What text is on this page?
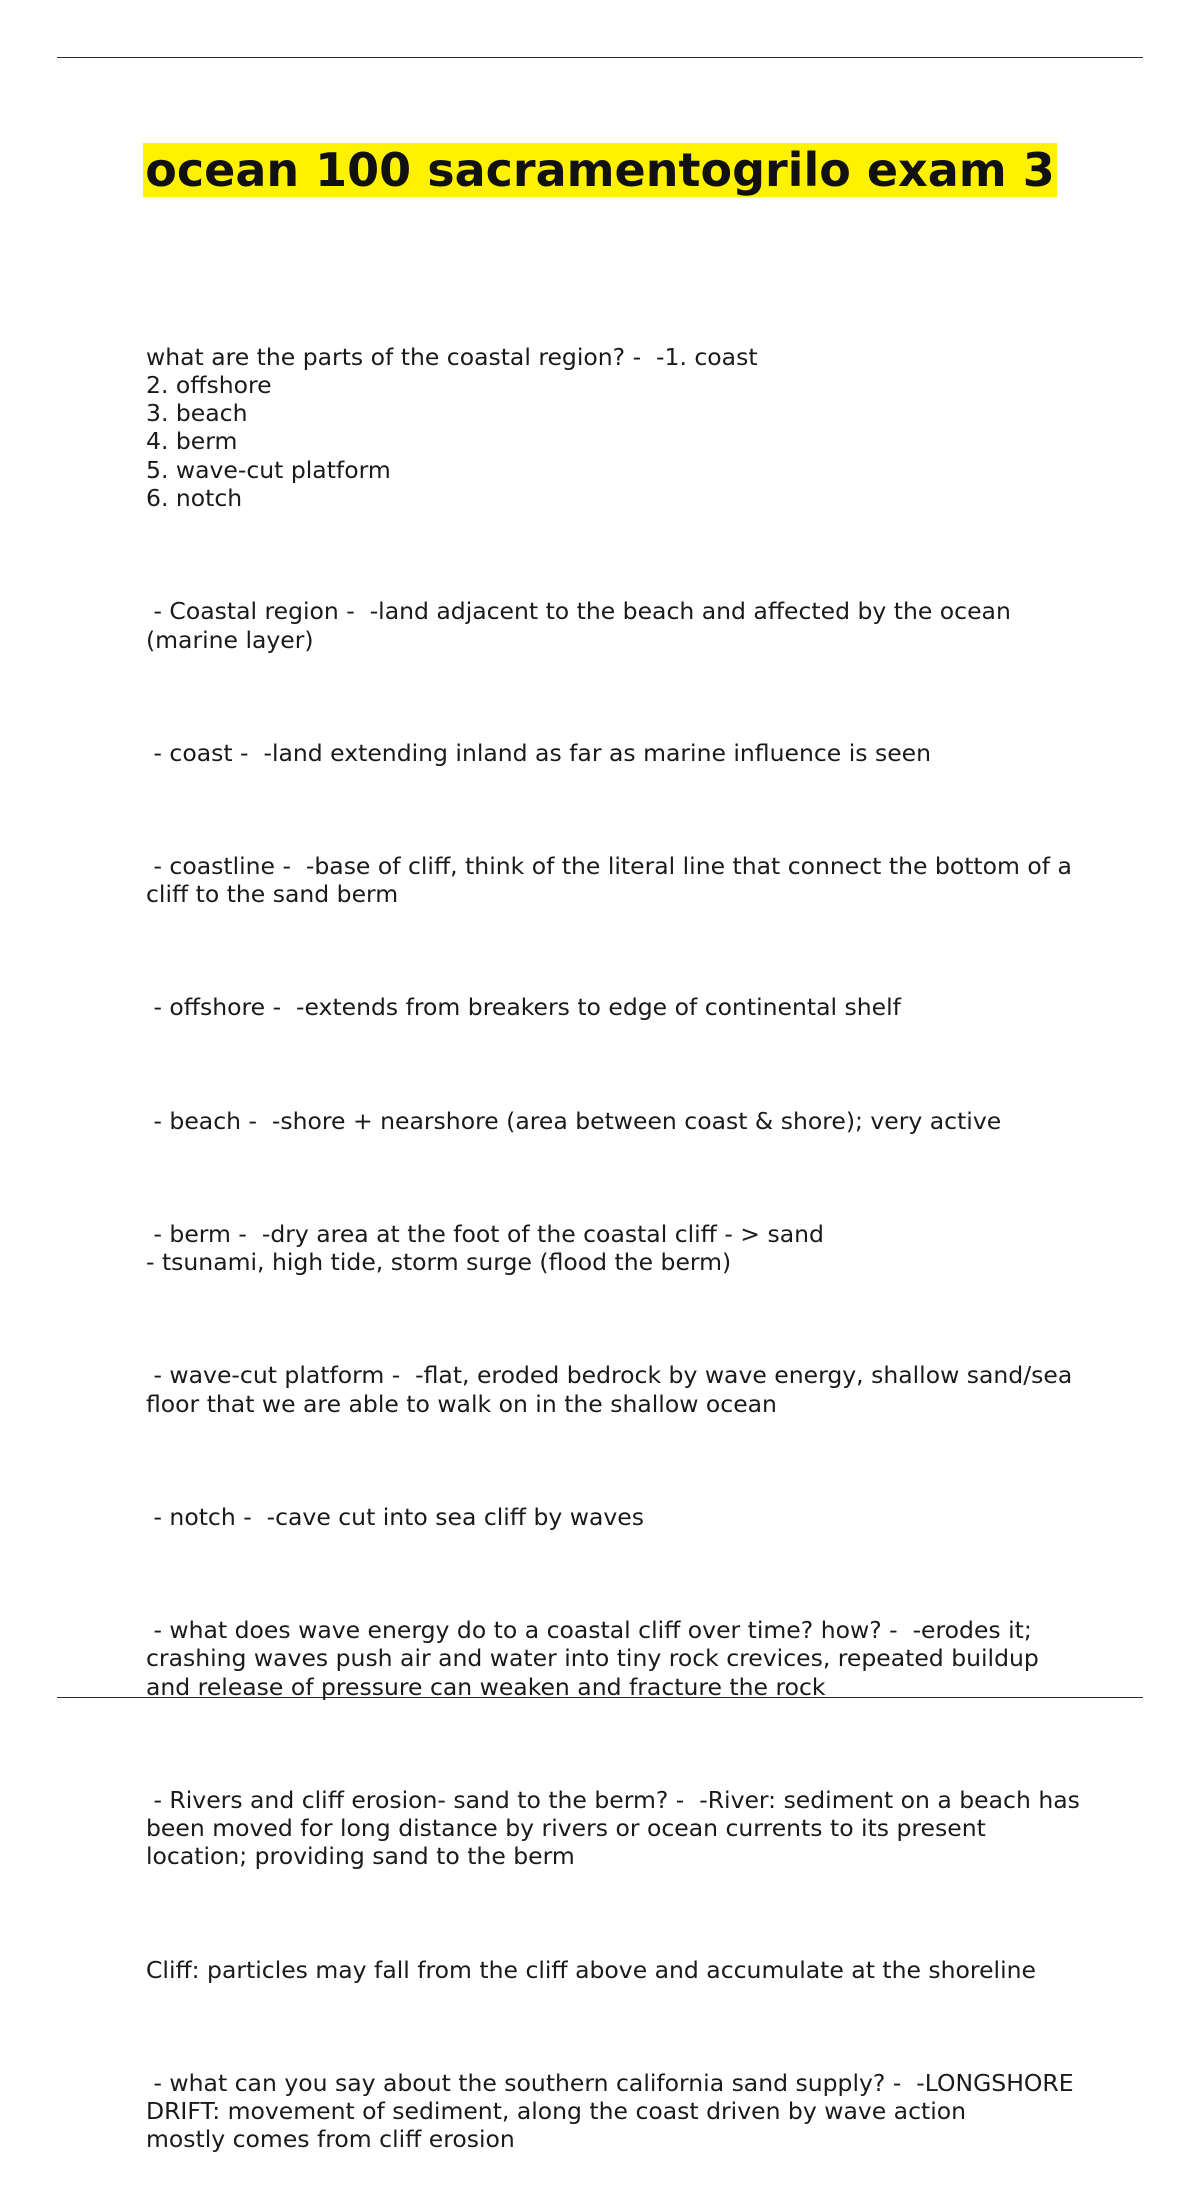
ocean 100 sacramentogrilo exam 3

what are the parts of the coastal region? -  -1. coast
2. offshore
3. beach
4. berm
5. wave-cut platform
6. notch

- Coastal region -  -land adjacent to the beach and affected by the ocean (marine layer)

- coast -  -land extending inland as far as marine influence is seen

- coastline -  -base of cliff, think of the literal line that connect the bottom of a cliff to the sand berm

- offshore -  -extends from breakers to edge of continental shelf

- beach -  -shore + nearshore (area between coast & shore); very active

- berm -  -dry area at the foot of the coastal cliff - > sand
- tsunami, high tide, storm surge (flood the berm)

- wave-cut platform -  -flat, eroded bedrock by wave energy, shallow sand/sea floor that we are able to walk on in the shallow ocean

- notch -  -cave cut into sea cliff by waves

- what does wave energy do to a coastal cliff over time? how? -  -erodes it; crashing waves push air and water into tiny rock crevices, repeated buildup and release of pressure can weaken and fracture the rock

- Rivers and cliff erosion- sand to the berm? -  -River: sediment on a beach has been moved for long distance by rivers or ocean currents to its present location; providing sand to the berm

Cliff: particles may fall from the cliff above and accumulate at the shoreline

- what can you say about the southern california sand supply? -  -LONGSHORE DRIFT: movement of sediment, along the coast driven by wave action
mostly comes from cliff erosion
